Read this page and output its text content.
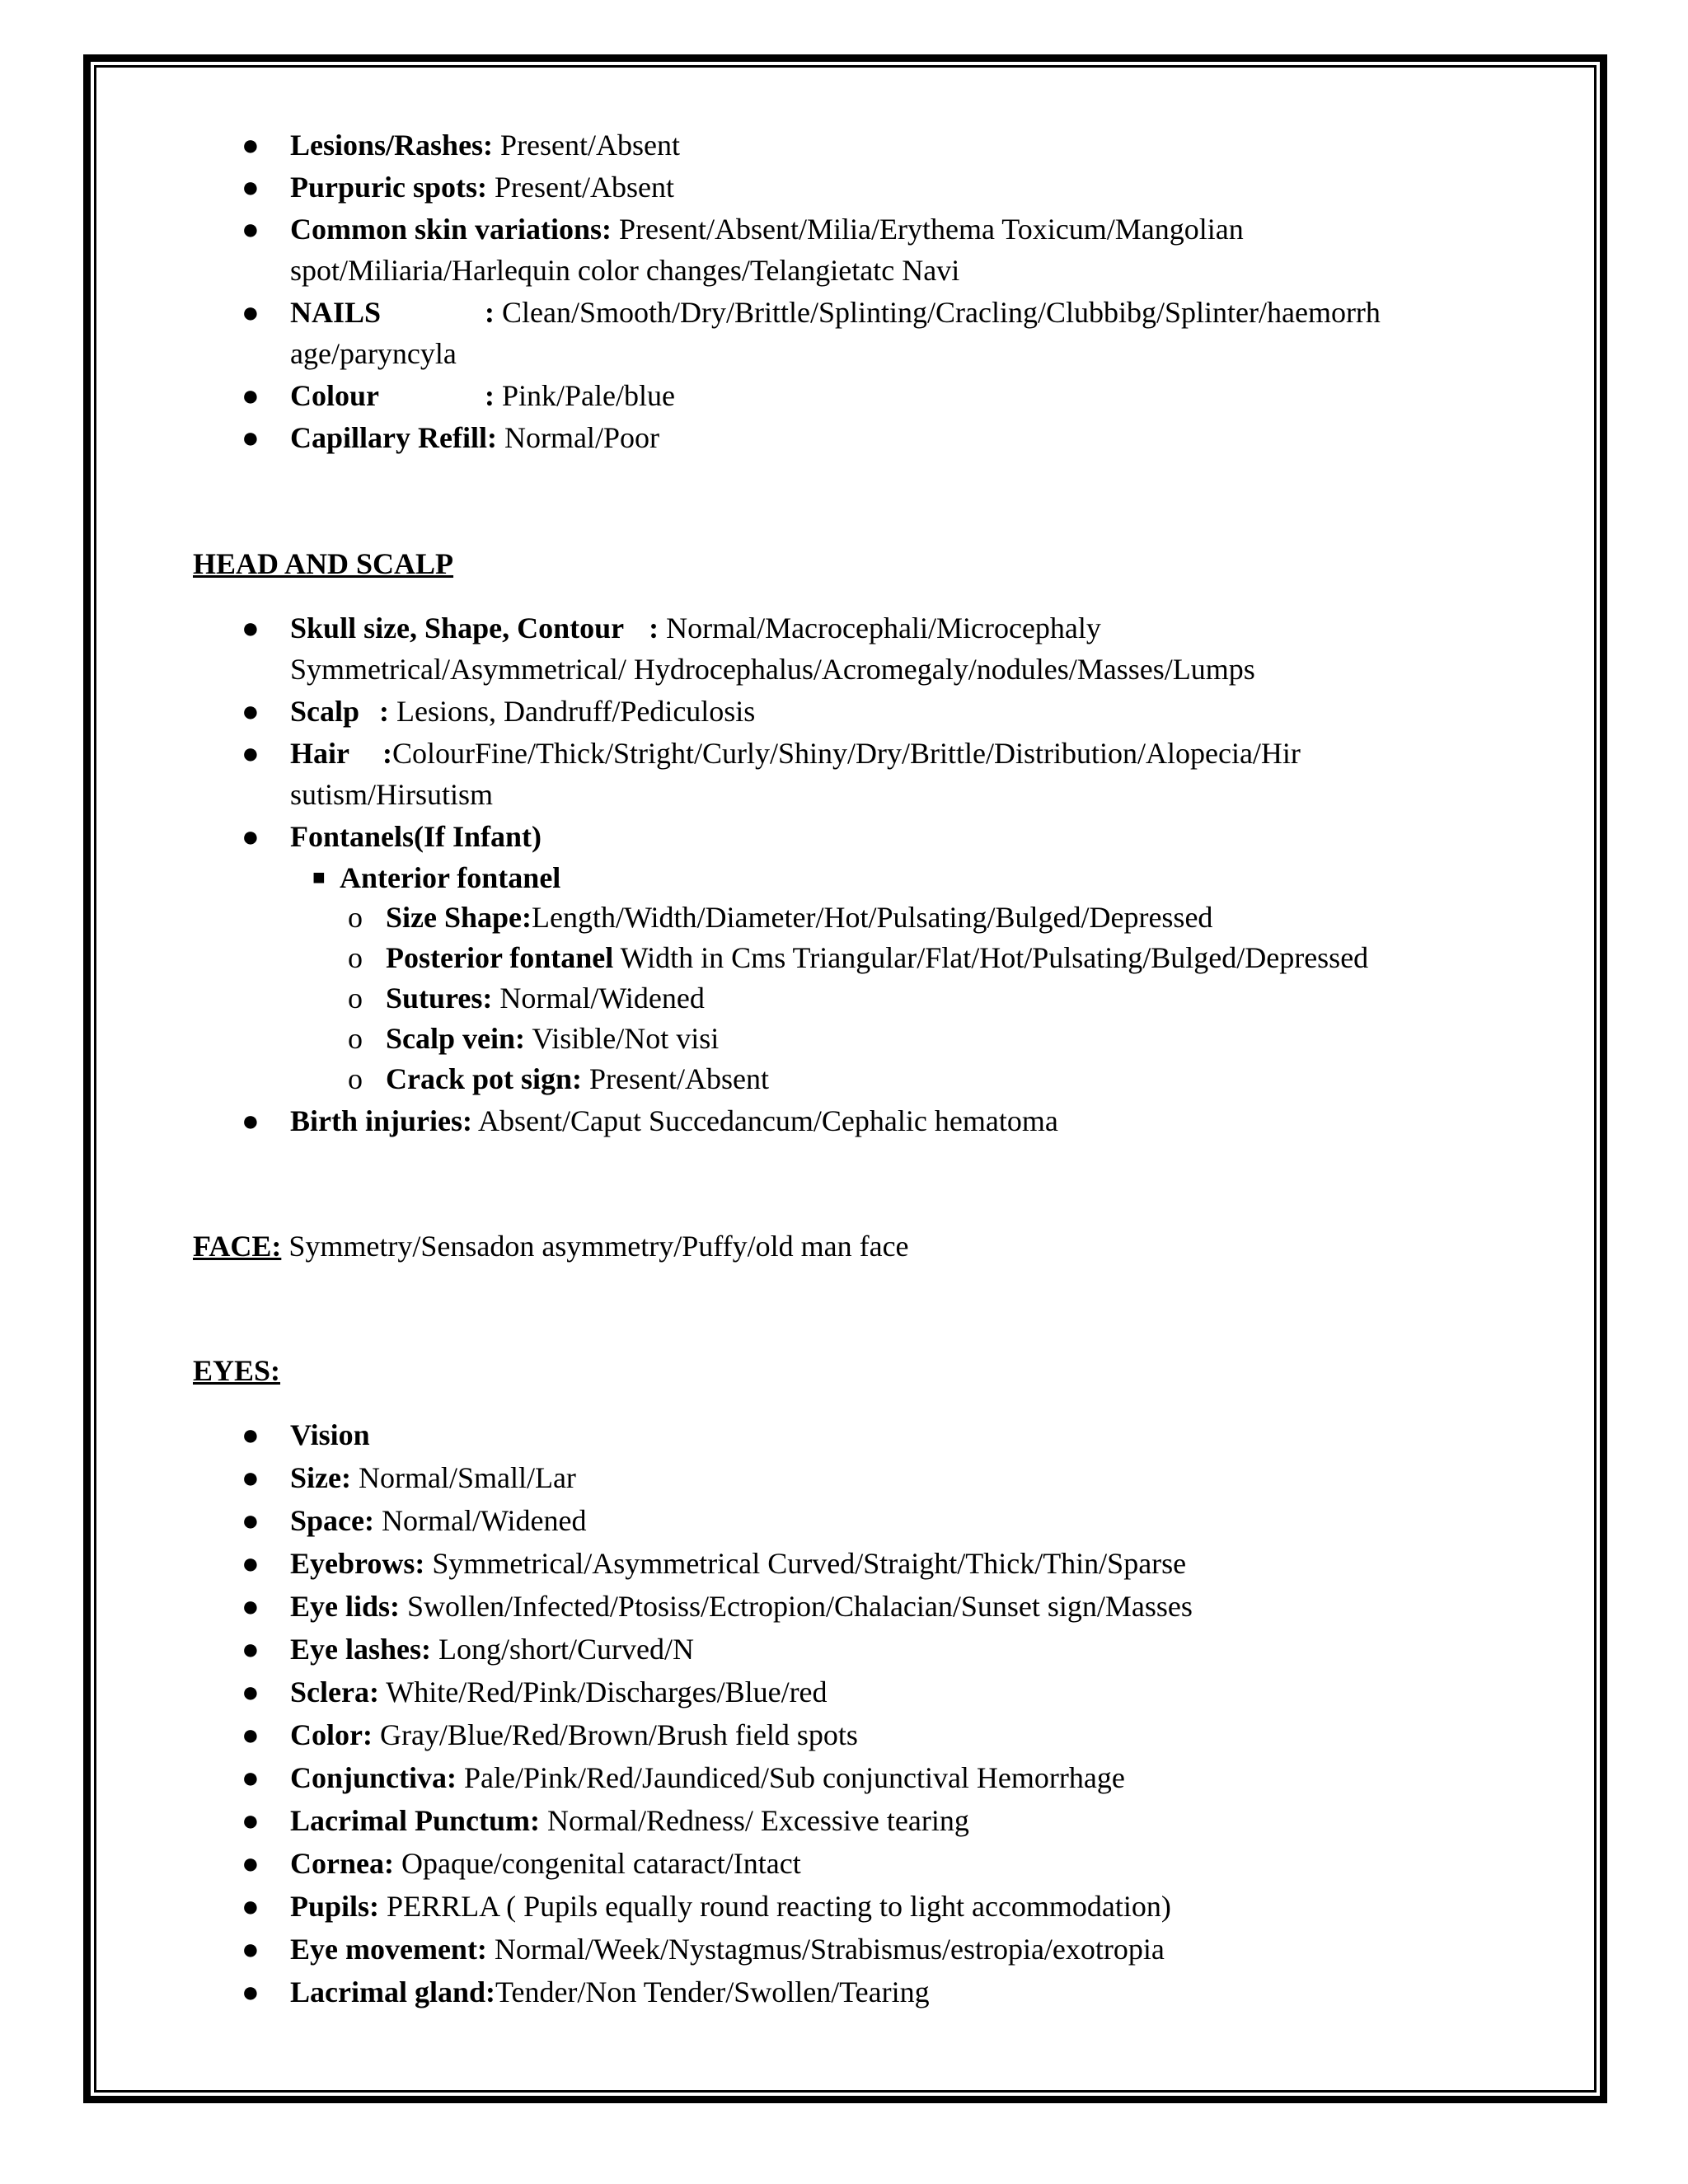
● Lesions/Rashes: Present/Absent
● Purpuric spots: Present/Absent
● Common skin variations: Present/Absent/Milia/Erythema Toxicum/Mangolian
spot/Miliaria/Harlequin color changes/Telangietatc Navi
● NAILS	: Clean/Smooth/Dry/Brittle/Splinting/Cracling/Clubbibg/Splinter/haemorrh
age/paryncyla
● Colour	: Pink/Pale/blue
● Capillary Refill: Normal/Poor
HEAD AND SCALP
● Skull size, Shape, Contour : Normal/Macrocephali/Microcephaly
Symmetrical/Asymmetrical/ Hydrocephalus/Acromegaly/nodules/Masses/Lumps
● Scalp : Lesions, Dandruff/Pediculosis
● Hair :ColourFine/Thick/Stright/Curly/Shiny/Dry/Brittle/Distribution/Alopecia/Hir
sutism/Hirsutism
● Fontanels(If Infant)
■ Anterior fontanel
o Size Shape:Length/Width/Diameter/Hot/Pulsating/Bulged/Depressed
o Posterior fontanel Width in Cms Triangular/Flat/Hot/Pulsating/Bulged/Depressed
o Sutures: Normal/Widened
o Scalp vein: Visible/Not visi
o Crack pot sign: Present/Absent
● Birth injuries: Absent/Caput Succedancum/Cephalic hematoma
FACE: Symmetry/Sensadon asymmetry/Puffy/old man face
EYES:
● Vision
● Size: Normal/Small/Lar
● Space: Normal/Widened
● Eyebrows: Symmetrical/Asymmetrical Curved/Straight/Thick/Thin/Sparse
● Eye lids: Swollen/Infected/Ptosiss/Ectropion/Chalacian/Sunset sign/Masses
● Eye lashes: Long/short/Curved/N
● Sclera: White/Red/Pink/Discharges/Blue/red
● Color: Gray/Blue/Red/Brown/Brush field spots
● Conjunctiva: Pale/Pink/Red/Jaundiced/Sub conjunctival Hemorrhage
● Lacrimal Punctum: Normal/Redness/ Excessive tearing
● Cornea: Opaque/congenital cataract/Intact
● Pupils: PERRLA ( Pupils equally round reacting to light accommodation)
● Eye movement: Normal/Week/Nystagmus/Strabismus/estropia/exotropia
● Lacrimal gland:Tender/Non Tender/Swollen/Tearing
